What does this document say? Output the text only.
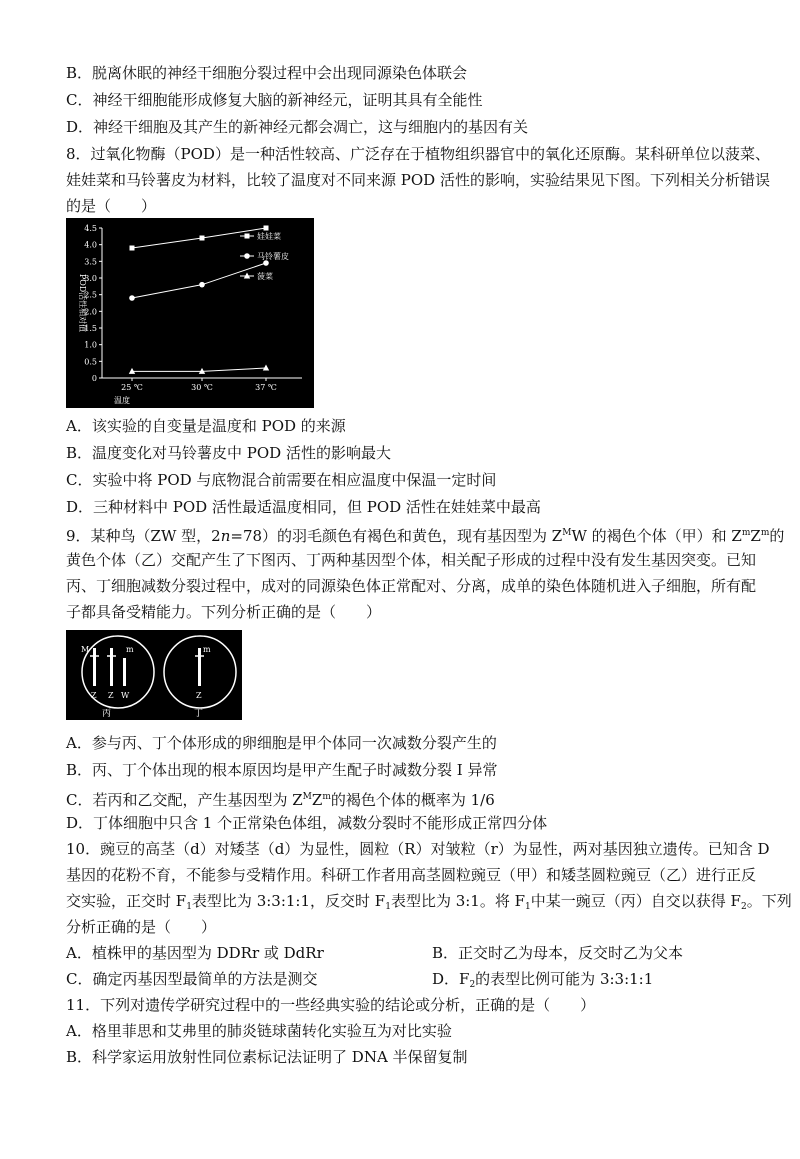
B．脱离休眠的神经干细胞分裂过程中会出现同源染色体联会
C．神经干细胞能形成修复大脑的新神经元，证明其具有全能性
D．神经干细胞及其产生的新神经元都会凋亡，这与细胞内的基因有关
8．过氧化物酶（POD）是一种活性较高、广泛存在于植物组织器官中的氧化还原酶。某科研单位以菠菜、
娃娃菜和马铃薯皮为材料，比较了温度对不同来源 POD 活性的影响，实验结果见下图。下列相关分析错误
的是（　　）
0
0.5
1.0
1.5
2.0
2.5
3.0
3.5
4.0
4.5
25 ℃	30 ℃	37 ℃
温度
POD活性相对值
娃娃菜
马铃薯皮
菠菜
A．该实验的自变量是温度和 POD 的来源
B．温度变化对马铃薯皮中 POD 活性的影响最大
C．实验中将 POD 与底物混合前需要在相应温度中保温一定时间
D．三种材料中 POD 活性最适温度相同，但 POD 活性在娃娃菜中最高
9．某种鸟（ZW 型，2n=78）的羽毛颜色有褐色和黄色，现有基因型为 $Z^MW$ 的褐色个体（甲）和 $Z^mZ^m$的
黄色个体（乙）交配产生了下图丙、丁两种基因型个体，相关配子形成的过程中没有发生基因突变。已知
丙、丁细胞减数分裂过程中，成对的同源染色体正常配对、分离，成单的染色体随机进入子细胞，所有配
子都具备受精能力。下列分析正确的是（　　）
M	m
Z Z W
丙
m
Z
丁
A．参与丙、丁个体形成的卵细胞是甲个体同一次减数分裂产生的
B．丙、丁个体出现的根本原因均是甲产生配子时减数分裂 I 异常
C．若丙和乙交配，产生基因型为 $Z^MZ^m$的褐色个体的概率为 1/6
D．丁体细胞中只含 1 个正常染色体组，减数分裂时不能形成正常四分体
10．豌豆的高茎（d）对矮茎（d）为显性，圆粒（R）对皱粒（r）为显性，两对基因独立遗传。已知含 D
基因的花粉不育，不能参与受精作用。科研工作者用高茎圆粒豌豆（甲）和矮茎圆粒豌豆（乙）进行正反
交实验，正交时 $F_1$表型比为 3:3:1:1，反交时 $F_1$表型比为 3:1。将 $F_1$中某一豌豆（丙）自交以获得 $F_2$。下列
分析正确的是（　　）
A．植株甲的基因型为 DDRr 或 DdRr	B．正交时乙为母本，反交时乙为父本
C．确定丙基因型最简单的方法是测交	D．$F_2$的表型比例可能为 3:3:1:1
11．下列对遗传学研究过程中的一些经典实验的结论或分析，正确的是（　　）
A．格里菲思和艾弗里的肺炎链球菌转化实验互为对比实验
B．科学家运用放射性同位素标记法证明了 DNA 半保留复制
